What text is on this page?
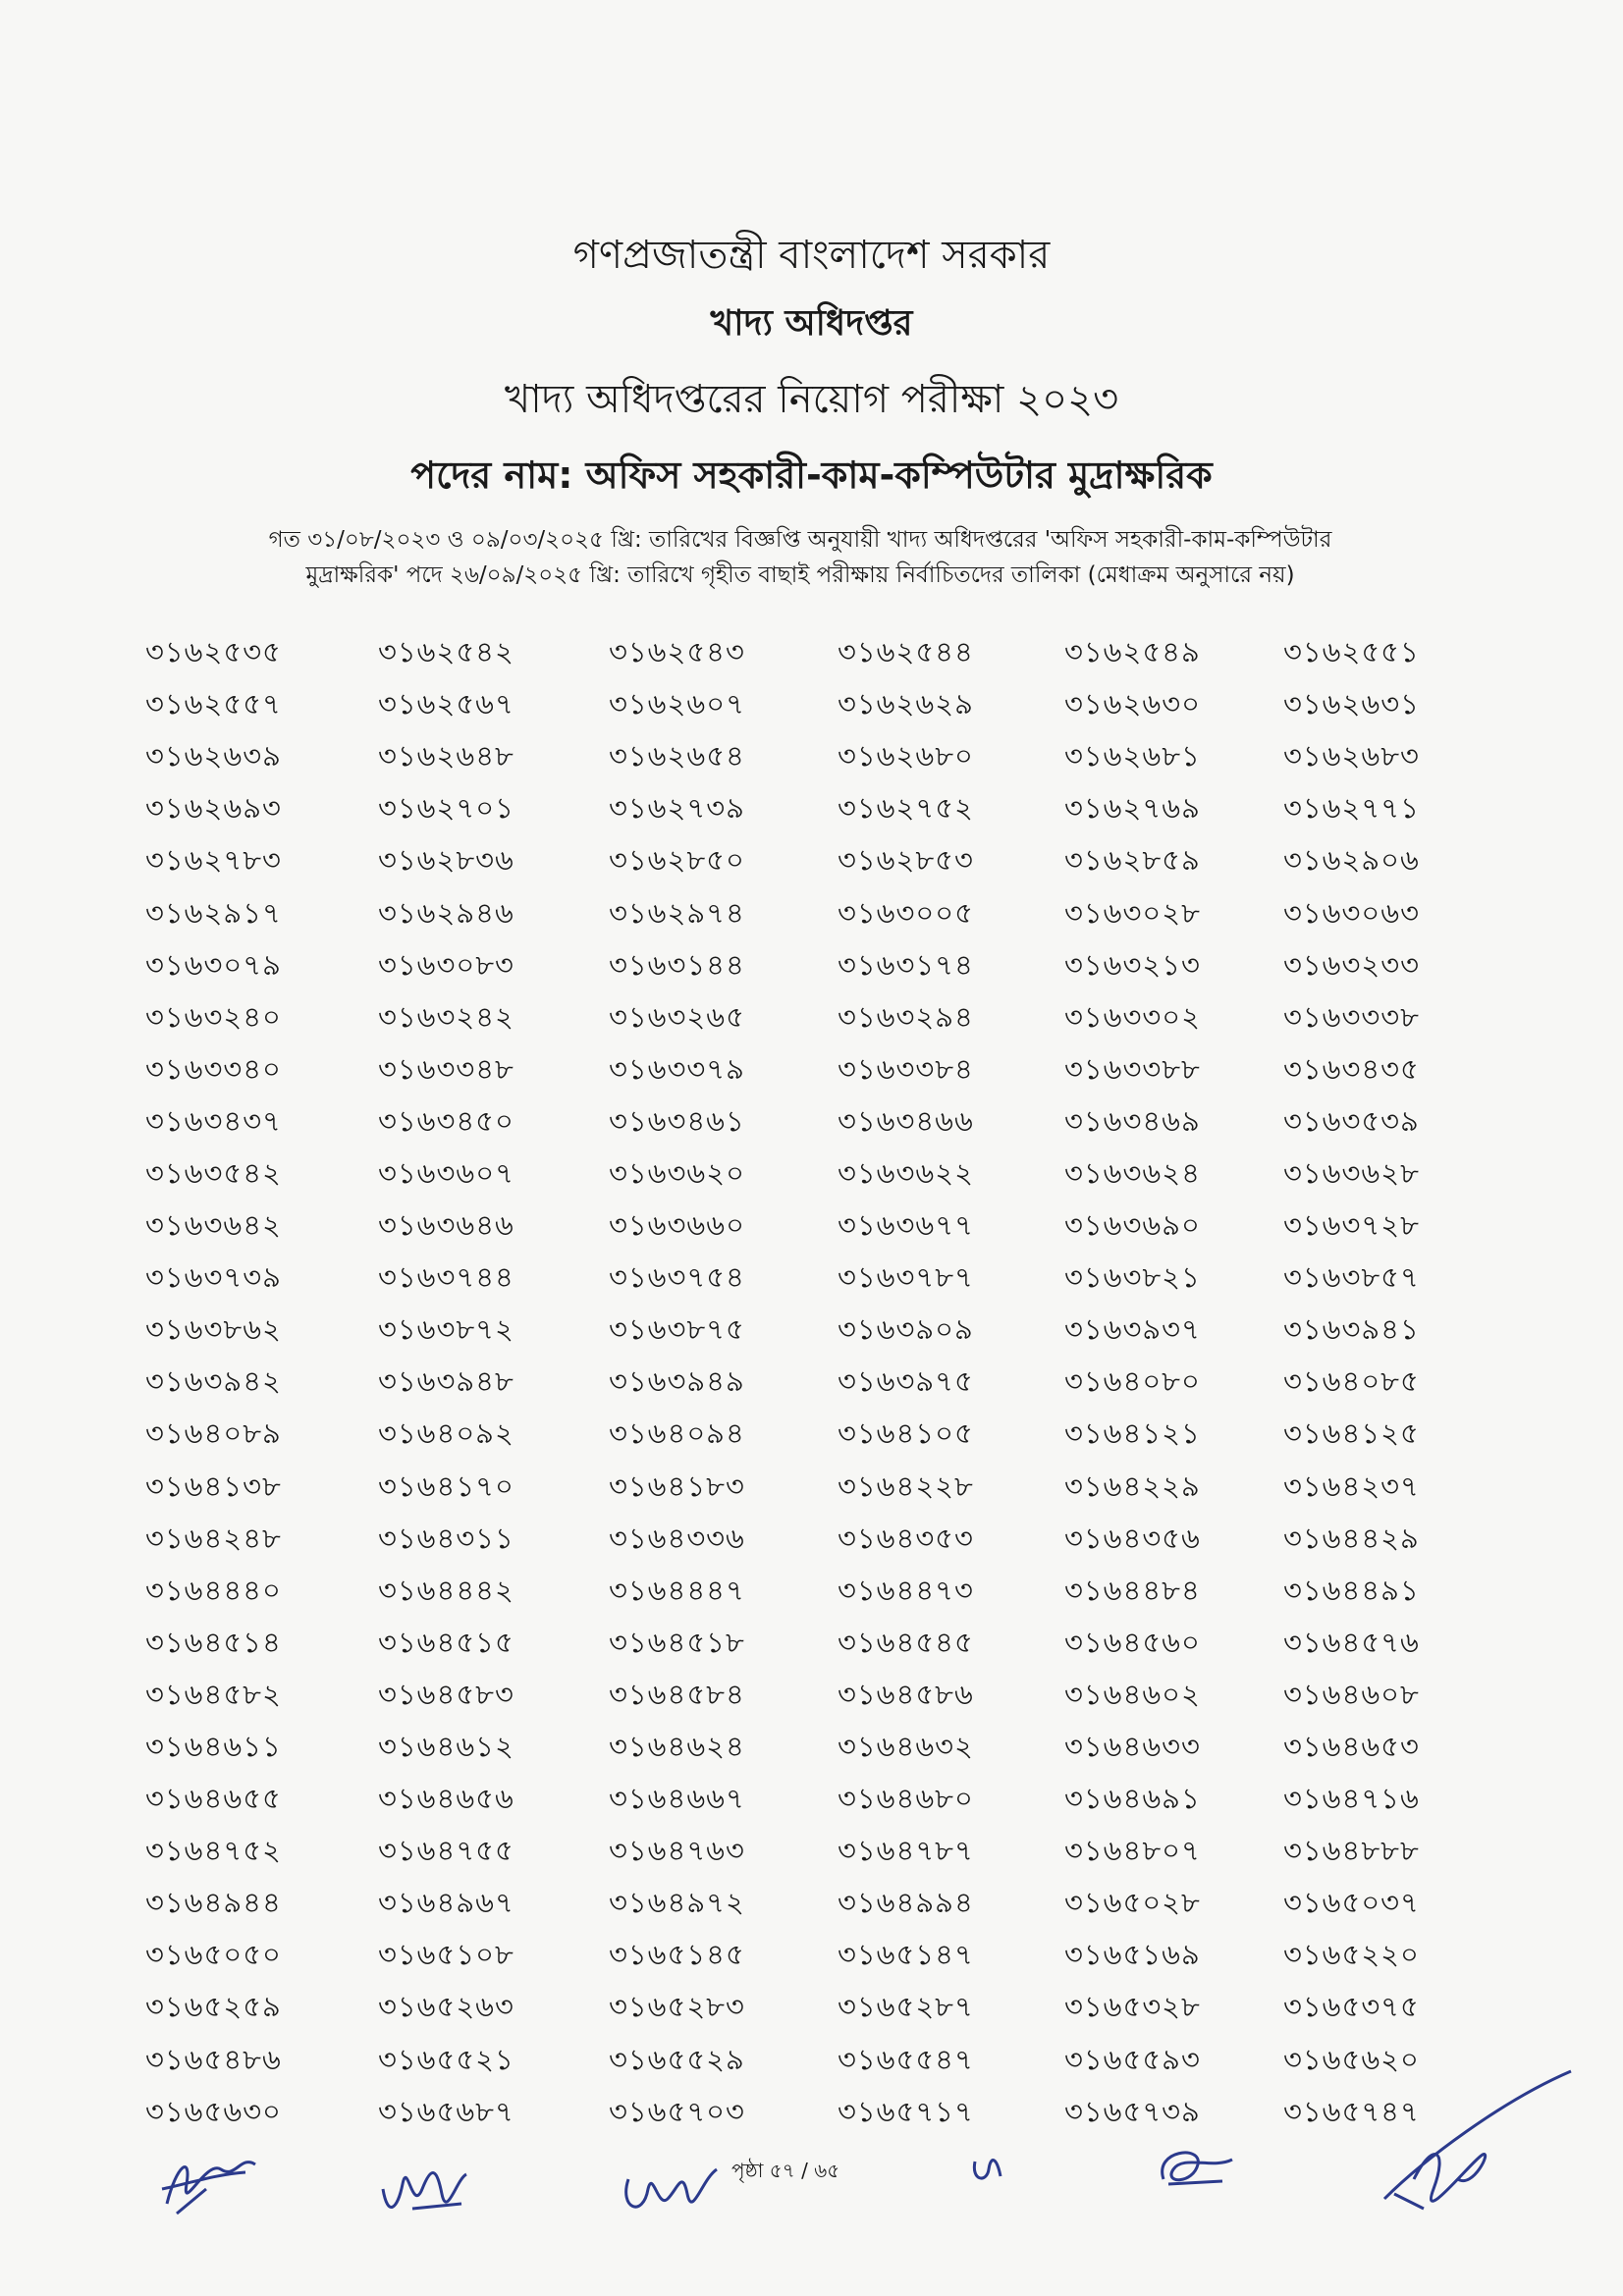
গণপ্রজাতন্ত্রী বাংলাদেশ সরকার
খাদ্য অধিদপ্তর
খাদ্য অধিদপ্তরের নিয়োগ পরীক্ষা ২০২৩
পদের নাম: অফিস সহকারী-কাম-কম্পিউটার মুদ্রাক্ষরিক
গত ৩১/০৮/২০২৩ ও ০৯/০৩/২০২৫ খ্রি: তারিখের বিজ্ঞপ্তি অনুযায়ী খাদ্য অধিদপ্তরের 'অফিস সহকারী-কাম-কম্পিউটার
মুদ্রাক্ষরিক' পদে ২৬/০৯/২০২৫ খ্রি: তারিখে গৃহীত বাছাই পরীক্ষায় নির্বাচিতদের তালিকা (মেধাক্রম অনুসারে নয়)
৩১৬২৫৩৫	৩১৬২৫৪২	৩১৬২৫৪৩	৩১৬২৫৪৪	৩১৬২৫৪৯	৩১৬২৫৫১
৩১৬২৫৫৭	৩১৬২৫৬৭	৩১৬২৬০৭	৩১৬২৬২৯	৩১৬২৬৩০	৩১৬২৬৩১
৩১৬২৬৩৯	৩১৬২৬৪৮	৩১৬২৬৫৪	৩১৬২৬৮০	৩১৬২৬৮১	৩১৬২৬৮৩
৩১৬২৬৯৩	৩১৬২৭০১	৩১৬২৭৩৯	৩১৬২৭৫২	৩১৬২৭৬৯	৩১৬২৭৭১
৩১৬২৭৮৩	৩১৬২৮৩৬	৩১৬২৮৫০	৩১৬২৮৫৩	৩১৬২৮৫৯	৩১৬২৯০৬
৩১৬২৯১৭	৩১৬২৯৪৬	৩১৬২৯৭৪	৩১৬৩০০৫	৩১৬৩০২৮	৩১৬৩০৬৩
৩১৬৩০৭৯	৩১৬৩০৮৩	৩১৬৩১৪৪	৩১৬৩১৭৪	৩১৬৩২১৩	৩১৬৩২৩৩
৩১৬৩২৪০	৩১৬৩২৪২	৩১৬৩২৬৫	৩১৬৩২৯৪	৩১৬৩৩০২	৩১৬৩৩৩৮
৩১৬৩৩৪০	৩১৬৩৩৪৮	৩১৬৩৩৭৯	৩১৬৩৩৮৪	৩১৬৩৩৮৮	৩১৬৩৪৩৫
৩১৬৩৪৩৭	৩১৬৩৪৫০	৩১৬৩৪৬১	৩১৬৩৪৬৬	৩১৬৩৪৬৯	৩১৬৩৫৩৯
৩১৬৩৫৪২	৩১৬৩৬০৭	৩১৬৩৬২০	৩১৬৩৬২২	৩১৬৩৬২৪	৩১৬৩৬২৮
৩১৬৩৬৪২	৩১৬৩৬৪৬	৩১৬৩৬৬০	৩১৬৩৬৭৭	৩১৬৩৬৯০	৩১৬৩৭২৮
৩১৬৩৭৩৯	৩১৬৩৭৪৪	৩১৬৩৭৫৪	৩১৬৩৭৮৭	৩১৬৩৮২১	৩১৬৩৮৫৭
৩১৬৩৮৬২	৩১৬৩৮৭২	৩১৬৩৮৭৫	৩১৬৩৯০৯	৩১৬৩৯৩৭	৩১৬৩৯৪১
৩১৬৩৯৪২	৩১৬৩৯৪৮	৩১৬৩৯৪৯	৩১৬৩৯৭৫	৩১৬৪০৮০	৩১৬৪০৮৫
৩১৬৪০৮৯	৩১৬৪০৯২	৩১৬৪০৯৪	৩১৬৪১০৫	৩১৬৪১২১	৩১৬৪১২৫
৩১৬৪১৩৮	৩১৬৪১৭০	৩১৬৪১৮৩	৩১৬৪২২৮	৩১৬৪২২৯	৩১৬৪২৩৭
৩১৬৪২৪৮	৩১৬৪৩১১	৩১৬৪৩৩৬	৩১৬৪৩৫৩	৩১৬৪৩৫৬	৩১৬৪৪২৯
৩১৬৪৪৪০	৩১৬৪৪৪২	৩১৬৪৪৪৭	৩১৬৪৪৭৩	৩১৬৪৪৮৪	৩১৬৪৪৯১
৩১৬৪৫১৪	৩১৬৪৫১৫	৩১৬৪৫১৮	৩১৬৪৫৪৫	৩১৬৪৫৬০	৩১৬৪৫৭৬
৩১৬৪৫৮২	৩১৬৪৫৮৩	৩১৬৪৫৮৪	৩১৬৪৫৮৬	৩১৬৪৬০২	৩১৬৪৬০৮
৩১৬৪৬১১	৩১৬৪৬১২	৩১৬৪৬২৪	৩১৬৪৬৩২	৩১৬৪৬৩৩	৩১৬৪৬৫৩
৩১৬৪৬৫৫	৩১৬৪৬৫৬	৩১৬৪৬৬৭	৩১৬৪৬৮০	৩১৬৪৬৯১	৩১৬৪৭১৬
৩১৬৪৭৫২	৩১৬৪৭৫৫	৩১৬৪৭৬৩	৩১৬৪৭৮৭	৩১৬৪৮০৭	৩১৬৪৮৮৮
৩১৬৪৯৪৪	৩১৬৪৯৬৭	৩১৬৪৯৭২	৩১৬৪৯৯৪	৩১৬৫০২৮	৩১৬৫০৩৭
৩১৬৫০৫০	৩১৬৫১০৮	৩১৬৫১৪৫	৩১৬৫১৪৭	৩১৬৫১৬৯	৩১৬৫২২০
৩১৬৫২৫৯	৩১৬৫২৬৩	৩১৬৫২৮৩	৩১৬৫২৮৭	৩১৬৫৩২৮	৩১৬৫৩৭৫
৩১৬৫৪৮৬	৩১৬৫৫২১	৩১৬৫৫২৯	৩১৬৫৫৪৭	৩১৬৫৫৯৩	৩১৬৫৬২০
৩১৬৫৬৩০	৩১৬৫৬৮৭	৩১৬৫৭০৩	৩১৬৫৭১৭	৩১৬৫৭৩৯	৩১৬৫৭৪৭
পৃষ্ঠা ৫৭ / ৬৫
